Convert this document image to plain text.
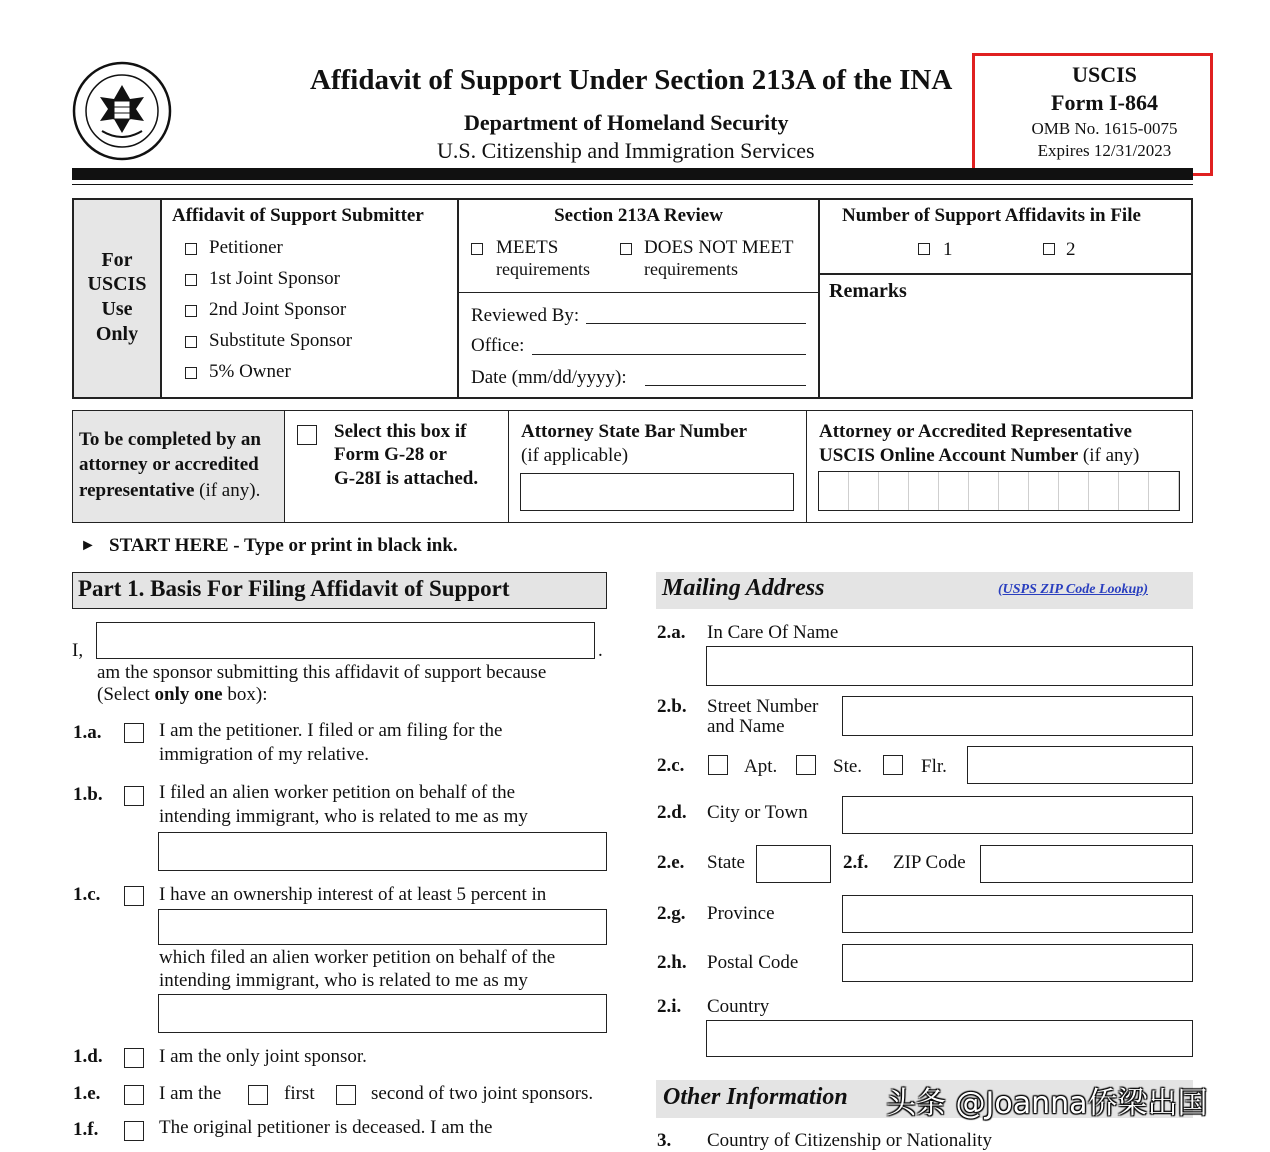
Affidavit of Support Under Section 213A of the INA
Department of Homeland Security
U.S. Citizenship and Immigration Services
USCIS
Form I-864
OMB No. 1615-0075
Expires 12/31/2023
For
USCIS
Use
Only
Affidavit of Support Submitter
Petitioner
1st Joint Sponsor
2nd Joint Sponsor
Substitute Sponsor
5% Owner
Section 213A Review
MEETS
requirements
DOES NOT MEET
requirements
Reviewed By:
Office:
Date (mm/dd/yyyy):
Number of Support Affidavits in File
1	2
Remarks
To be completed by an
attorney or accredited
representative (if any).
Select this box if
Form G-28 or
G-28I is attached.
Attorney State Bar Number
(if applicable)
Attorney or Accredited Representative
USCIS Online Account Number (if any)
► START HERE - Type or print in black ink.
Part 1. Basis For Filing Affidavit of Support
I,	.
am the sponsor submitting this affidavit of support because
(Select only one box):
1.a.	I am the petitioner. I filed or am filing for the
immigration of my relative.
1.b.	I filed an alien worker petition on behalf of the
intending immigrant, who is related to me as my
1.c.	I have an ownership interest of at least 5 percent in
which filed an alien worker petition on behalf of the
intending immigrant, who is related to me as my
1.d.	I am the only joint sponsor.
1.e.	I am the	first	second of two joint sponsors.
1.f.	The original petitioner is deceased. I am the
Mailing Address	(USPS ZIP Code Lookup)
2.a. In Care Of Name
2.b. Street Number
and Name
2.c.	Apt.	Ste.	Flr.
2.d. City or Town
2.e. State	2.f. ZIP Code
2.g. Province
2.h. Postal Code
2.i. Country
Other Information
3. Country of Citizenship or Nationality
头条 @Joanna侨梁出国
